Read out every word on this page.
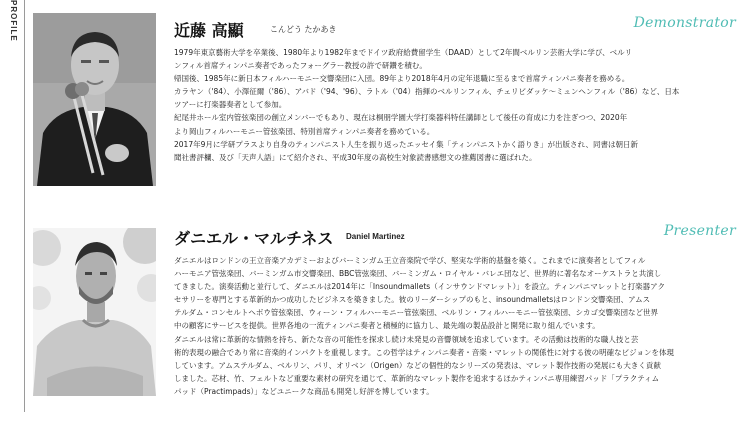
PROFILE	近藤 高顯	こんどう たかあき	Demonstrator

1979年東京藝術大学を卒業後、1980年より1982年までドイツ政府給費留学生（DAAD）として2年間ベルリン芸術大学に学び、ベルリ

ンフィル首席ティンパニ奏者であったフォーグラー教授の許で研鑽を積む。

帰国後、1985年に新日本フィルハーモニー交響楽団に入団。89年より2018年4月の定年退職に至るまで首席ティンパニ奏者を務める。

カラヤン（'84）、小澤征爾（'86）、アバド（'94、'96）、ラトル（'04）指揮のベルリンフィル、チェリビダッケ〜ミュンヘンフィル（'86）など、日本

ツアーに打楽器奏者として参加。

紀尾井ホール室内管弦楽団の創立メンバーでもあり、現在は桐朋学園大学打楽器科特任講師として後任の育成に力を注ぎつつ、2020年

より岡山フィルハーモニー管弦楽団、特別首席ティンパニ奏者を務めている。

2017年9月に学研プラスより自身のティンパニスト人生を振り返ったエッセイ集「ティンパニストかく語りき」が出版され、同書は朝日新

聞社書評欄、及び「天声人語」にて紹介され、平成30年度の高校生対象読書感想文の推薦図書に選ばれた。

ダニエル・マルチネス Daniel Martinez	Presenter

ダニエルはロンドンの王立音楽アカデミーおよびバーミンガム王立音楽院で学び、堅実な学術的基盤を築く。これまでに演奏者としてフィル

ハーモニア管弦楽団、バーミンガム市交響楽団、BBC管弦楽団、バーミンガム・ロイヤル・バレエ団など、世界的に著名なオーケストラと共演し

てきました。演奏活動と並行して、ダニエルは2014年に「Insoundmallets（インサウンドマレット）」を設立。ティンパニマレットと打楽器アク

セサリーを専門とする革新的かつ成功したビジネスを築きました。彼のリーダーシップのもと、insoundmalletsはロンドン交響楽団、アムス

テルダム・コンセルトヘボウ管弦楽団、ウィーン・フィルハーモニー管弦楽団、ベルリン・フィルハーモニー管弦楽団、シカゴ交響楽団など世界

中の顧客にサービスを提供。世界各地の一流ティンパニ奏者と積極的に協力し、最先端の製品設計と開発に取り組んでいます。

ダニエルは常に革新的な情熱を持ち、新たな音の可能性を探求し続け未発見の音響領域を追求しています。その活動は技術的な職人技と芸

術的表現の融合であり常に音楽的インパクトを重視します。この哲学はティンパニ奏者・音楽・マレットの関係性に対する彼の明確なビジョンを体現

しています。アムステルダム、ベルリン、パリ、オリベン（Origen）などの個性的なシリーズの発表は、マレット製作技術の発展にも大きく貢献

しました。芯材、竹、フェルトなど重要な素材の研究を通じて、革新的なマレット製作を追求するほかティンパニ専用練習パッド「プラクティム

パッド（Practimpads）」などユニークな商品も開発し好評を博しています。
